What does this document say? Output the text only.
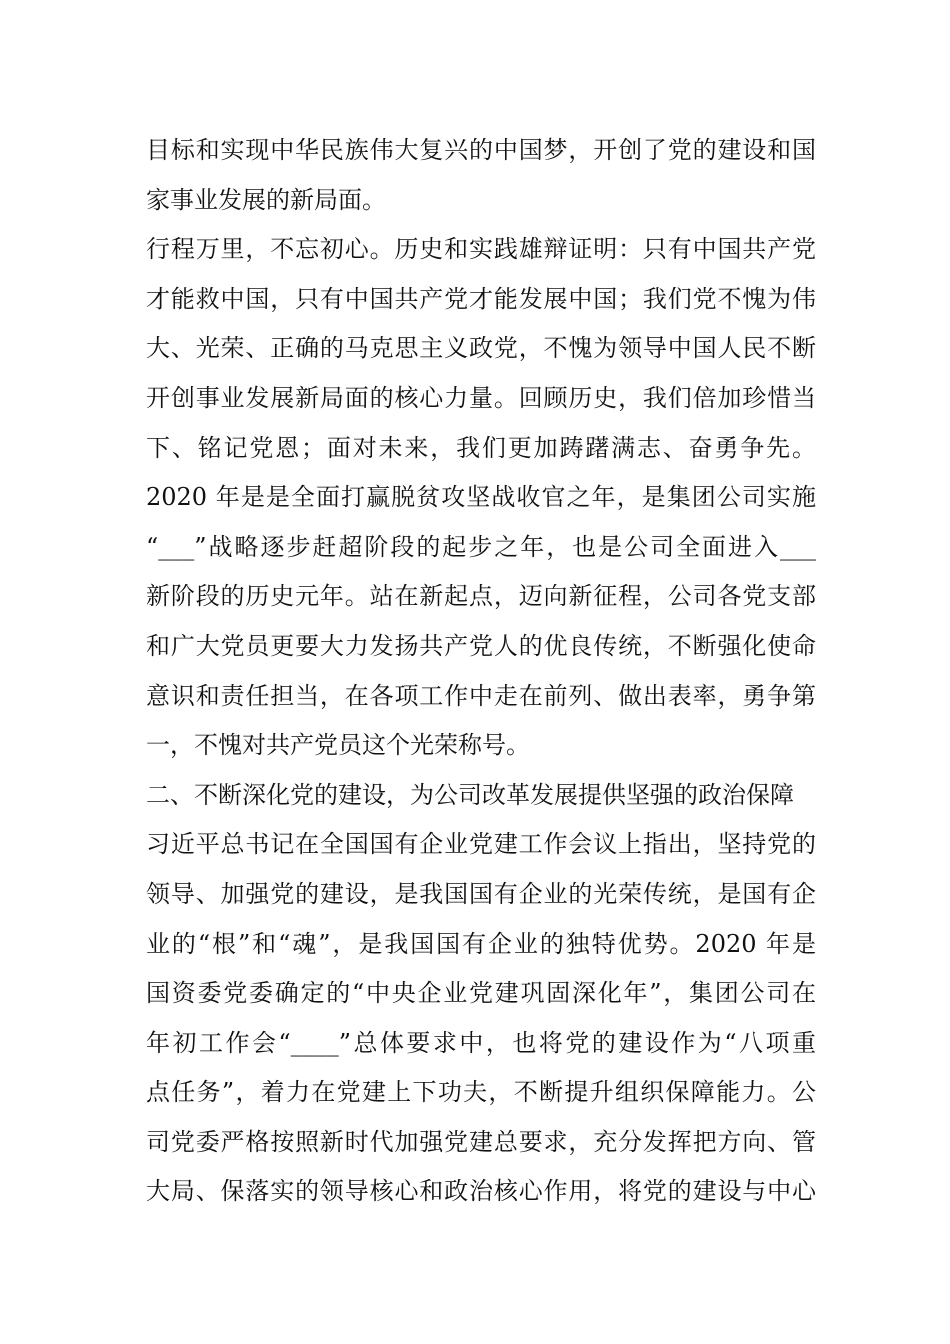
目标和实现中华民族伟大复兴的中国梦，开创了党的建设和国
家事业发展的新局面。
行程万里，不忘初心。历史和实践雄辩证明：只有中国共产党
才能救中国，只有中国共产党才能发展中国；我们党不愧为伟
大、光荣、正确的马克思主义政党，不愧为领导中国人民不断
开创事业发展新局面的核心力量。回顾历史，我们倍加珍惜当
下、铭记党恩；面对未来，我们更加踌躇满志、奋勇争先。
2020 年是是全面打赢脱贫攻坚战收官之年，是集团公司实施
“___”战略逐步赶超阶段的起步之年，也是公司全面进入___
新阶段的历史元年。站在新起点，迈向新征程，公司各党支部
和广大党员更要大力发扬共产党人的优良传统，不断强化使命
意识和责任担当，在各项工作中走在前列、做出表率，勇争第
一，不愧对共产党员这个光荣称号。
二、不断深化党的建设，为公司改革发展提供坚强的政治保障
习近平总书记在全国国有企业党建工作会议上指出，坚持党的
领导、加强党的建设，是我国国有企业的光荣传统，是国有企
业的“根”和“魂”，是我国国有企业的独特优势。2020 年是
国资委党委确定的“中央企业党建巩固深化年”，集团公司在
年初工作会“____”总体要求中，也将党的建设作为“八项重
点任务”，着力在党建上下功夫，不断提升组织保障能力。公
司党委严格按照新时代加强党建总要求，充分发挥把方向、管
大局、保落实的领导核心和政治核心作用，将党的建设与中心
